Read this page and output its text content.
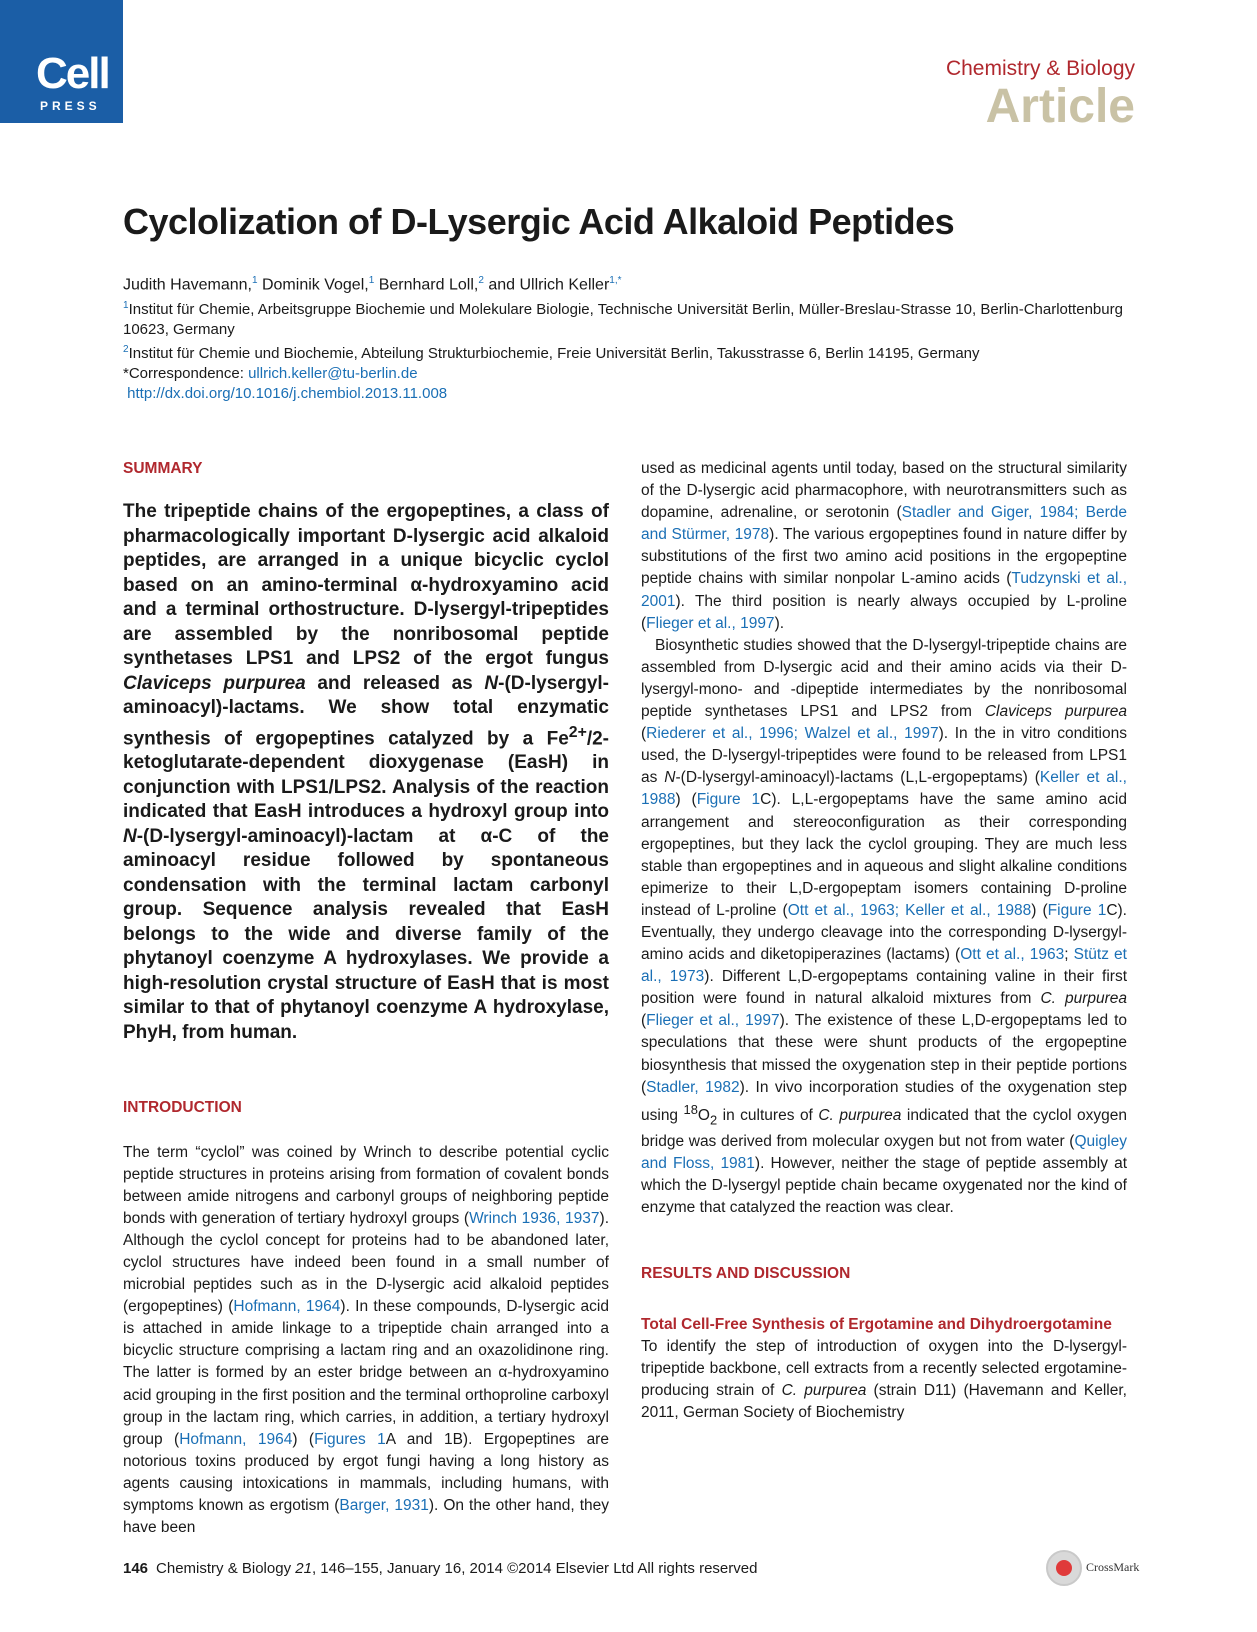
Cell
PRESS
Chemistry & Biology
Article
Cyclolization of D-Lysergic Acid Alkaloid Peptides
Judith Havemann,$^1$ Dominik Vogel,$^1$ Bernhard Loll,$^2$ and Ullrich Keller$^{1,*}$
$^1$Institut für Chemie, Arbeitsgruppe Biochemie und Molekulare Biologie, Technische Universität Berlin, Müller-Breslau-Strasse 10, Berlin-Charlottenburg 10623, Germany
$^2$Institut für Chemie und Biochemie, Abteilung Strukturbiochemie, Freie Universität Berlin, Takusstrasse 6, Berlin 14195, Germany
*Correspondence: ullrich.keller@tu-berlin.de
http://dx.doi.org/10.1016/j.chembiol.2013.11.008
SUMMARY

The tripeptide chains of the ergopeptines, a class of pharmacologically important D-lysergic acid alkaloid peptides, are arranged in a unique bicyclic cyclol based on an amino-terminal α-hydroxyamino acid and a terminal orthostructure. D-lysergyl-tripeptides are assembled by the nonribosomal peptide synthetases LPS1 and LPS2 of the ergot fungus Claviceps purpurea and released as N-(D-lysergyl-aminoacyl)-lactams. We show total enzymatic synthesis of ergopeptines catalyzed by a $Fe^{2+}/2-ketoglutarate$-dependent dioxygenase (EasH) in conjunction with LPS1/LPS2. Analysis of the reaction indicated that EasH introduces a hydroxyl group into N-(D-lysergyl-aminoacyl)-lactam at α-C of the aminoacyl residue followed by spontaneous condensation with the terminal lactam carbonyl group. Sequence analysis revealed that EasH belongs to the wide and diverse family of the phytanoyl coenzyme A hydroxylases. We provide a high-resolution crystal structure of EasH that is most similar to that of phytanoyl coenzyme A hydroxylase, PhyH, from human.

INTRODUCTION

The term “cyclol” was coined by Wrinch to describe potential cyclic peptide structures in proteins arising from formation of covalent bonds between amide nitrogens and carbonyl groups of neighboring peptide bonds with generation of tertiary hydroxyl groups (Wrinch 1936, 1937). Although the cyclol concept for proteins had to be abandoned later, cyclol structures have indeed been found in a small number of microbial peptides such as in the D-lysergic acid alkaloid peptides (ergopeptines) (Hofmann, 1964). In these compounds, D-lysergic acid is attached in amide linkage to a tripeptide chain arranged into a bicyclic structure comprising a lactam ring and an oxazolidinone ring. The latter is formed by an ester bridge between an α-hydroxyamino acid grouping in the first position and the terminal orthoproline carboxyl group in the lactam ring, which carries, in addition, a tertiary hydroxyl group (Hofmann, 1964) (Figures 1A and 1B). Ergopeptines are notorious toxins produced by ergot fungi having a long history as agents causing intoxications in mammals, including humans, with symptoms known as ergotism (Barger, 1931). On the other hand, they have been

used as medicinal agents until today, based on the structural similarity of the D-lysergic acid pharmacophore, with neurotransmitters such as dopamine, adrenaline, or serotonin (Stadler and Giger, 1984; Berde and Stürmer, 1978). The various ergopeptines found in nature differ by substitutions of the first two amino acid positions in the ergopeptine peptide chains with similar nonpolar L-amino acids (Tudzynski et al., 2001). The third position is nearly always occupied by L-proline (Flieger et al., 1997).

Biosynthetic studies showed that the D-lysergyl-tripeptide chains are assembled from D-lysergic acid and their amino acids via their D-lysergyl-mono- and -dipeptide intermediates by the nonribosomal peptide synthetases LPS1 and LPS2 from Claviceps purpurea (Riederer et al., 1996; Walzel et al., 1997). In the in vitro conditions used, the D-lysergyl-tripeptides were found to be released from LPS1 as N-(D-lysergyl-aminoacyl)-lactams (L,L-ergopeptams) (Keller et al., 1988) (Figure 1C). L,L-ergopeptams have the same amino acid arrangement and stereoconfiguration as their corresponding ergopeptines, but they lack the cyclol grouping. They are much less stable than ergopeptines and in aqueous and slight alkaline conditions epimerize to their L,D-ergopeptam isomers containing D-proline instead of L-proline (Ott et al., 1963; Keller et al., 1988) (Figure 1C). Eventually, they undergo cleavage into the corresponding D-lysergyl-amino acids and diketopiperazines (lactams) (Ott et al., 1963; Stütz et al., 1973). Different L,D-ergopeptams containing valine in their first position were found in natural alkaloid mixtures from C. purpurea (Flieger et al., 1997). The existence of these L,D-ergopeptams led to speculations that these were shunt products of the ergopeptine biosynthesis that missed the oxygenation step in their peptide portions (Stadler, 1982). In vivo incorporation studies of the oxygenation step using $^{18}O_2$ in cultures of C. purpurea indicated that the cyclol oxygen bridge was derived from molecular oxygen but not from water (Quigley and Floss, 1981). However, neither the stage of peptide assembly at which the D-lysergyl peptide chain became oxygenated nor the kind of enzyme that catalyzed the reaction was clear.

RESULTS AND DISCUSSION
Total Cell-Free Synthesis of Ergotamine and Dihydroergotamine

To identify the step of introduction of oxygen into the D-lysergyl-tripeptide backbone, cell extracts from a recently selected ergotamine-producing strain of C. purpurea (strain D11) (Havemann and Keller, 2011, German Society of Biochemistry

146 Chemistry & Biology 21, 146–155, January 16, 2014 ©2014 Elsevier Ltd All rights reserved	CrossMark
